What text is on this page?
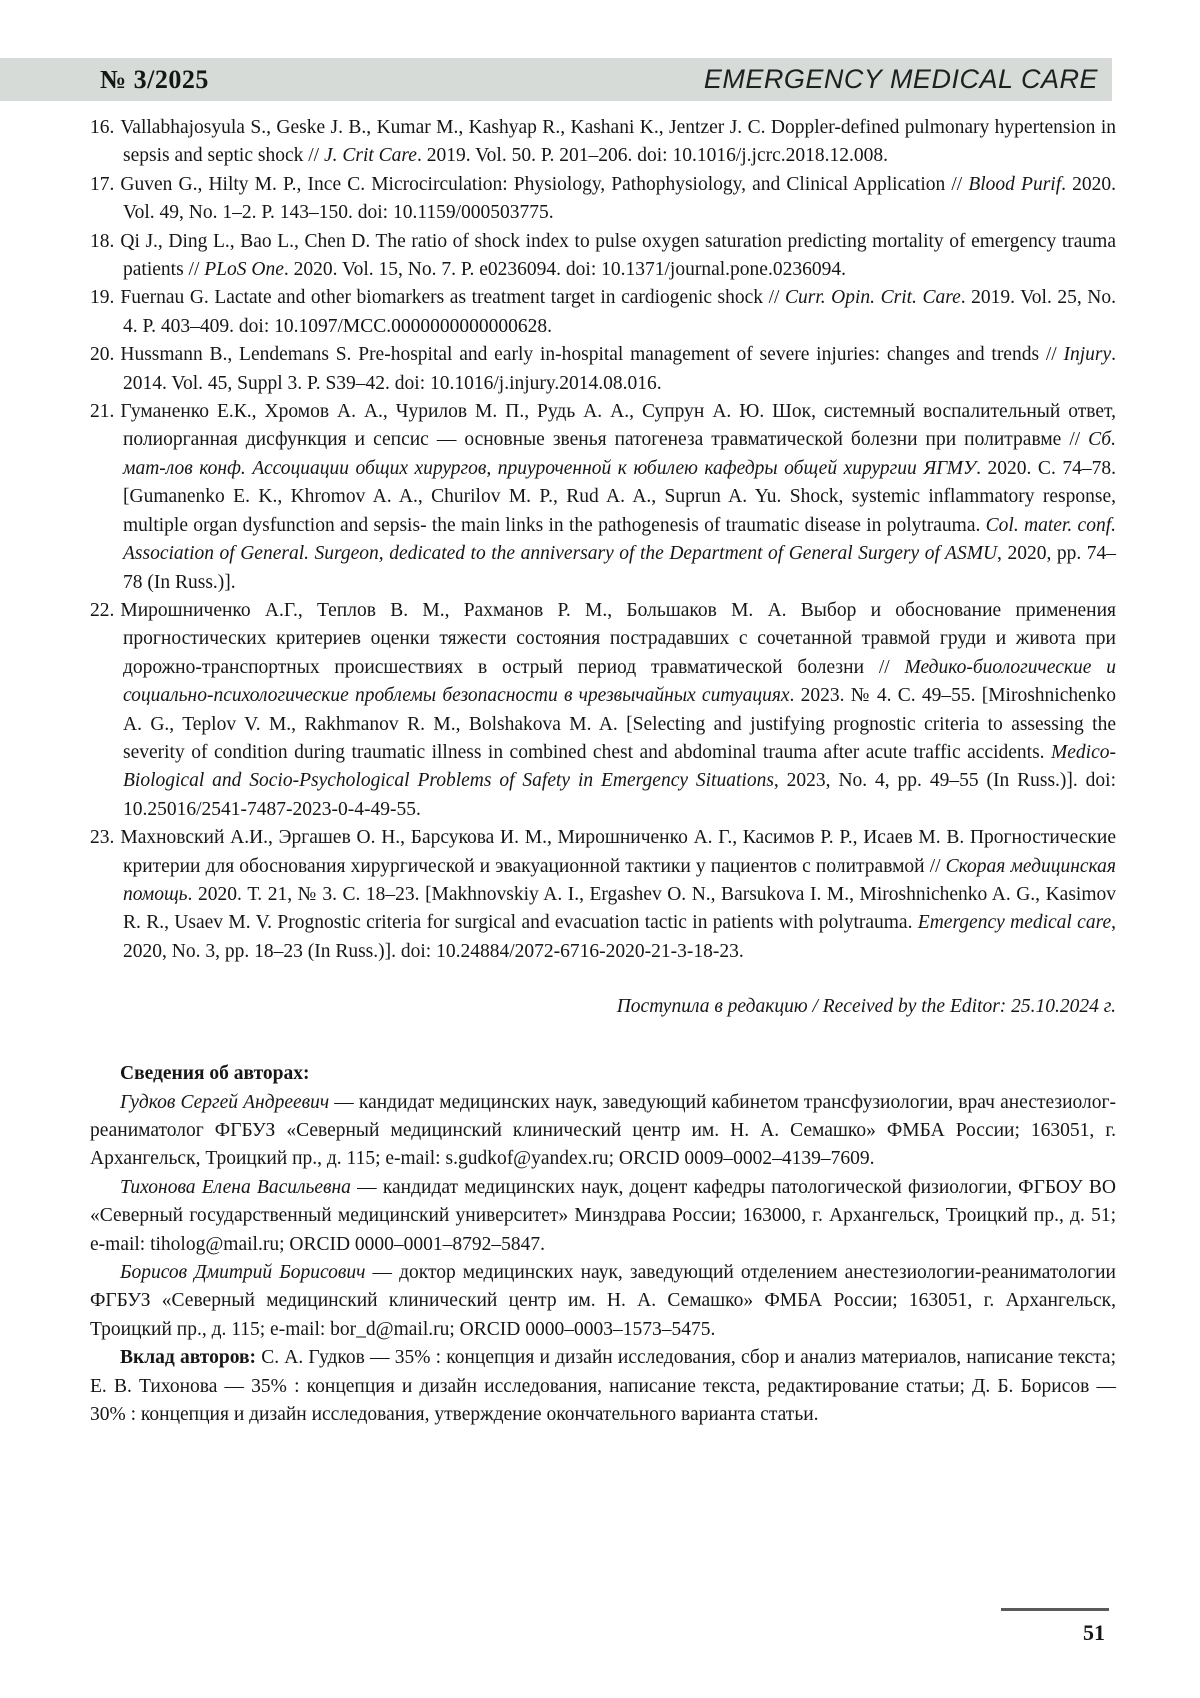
№ 3/2025	EMERGENCY MEDICAL CARE
16. Vallabhajosyula S., Geske J. B., Kumar M., Kashyap R., Kashani K., Jentzer J. C. Doppler-defined pulmonary hypertension in sepsis and septic shock // J. Crit Care. 2019. Vol. 50. P. 201–206. doi: 10.1016/j.jcrc.2018.12.008.
17. Guven G., Hilty M. P., Ince C. Microcirculation: Physiology, Pathophysiology, and Clinical Application // Blood Purif. 2020. Vol. 49, No. 1–2. P. 143–150. doi: 10.1159/000503775.
18. Qi J., Ding L., Bao L., Chen D. The ratio of shock index to pulse oxygen saturation predicting mortality of emergency trauma patients // PLoS One. 2020. Vol. 15, No. 7. P. e0236094. doi: 10.1371/journal.pone.0236094.
19. Fuernau G. Lactate and other biomarkers as treatment target in cardiogenic shock // Curr. Opin. Crit. Care. 2019. Vol. 25, No. 4. P. 403–409. doi: 10.1097/MCC.0000000000000628.
20. Hussmann B., Lendemans S. Pre-hospital and early in-hospital management of severe injuries: changes and trends // Injury. 2014. Vol. 45, Suppl 3. P. S39–42. doi: 10.1016/j.injury.2014.08.016.
21. Гуманенко Е.К., Хромов А. А., Чурилов М. П., Рудь А. А., Супрун А. Ю. Шок, системный воспалительный ответ, полиорганная дисфункция и сепсис — основные звенья патогенеза травматической болезни при политравме // Сб. мат-лов конф. Ассоциации общих хирургов, приуроченной к юбилею кафедры общей хирургии ЯГМУ. 2020. С. 74–78. [Gumanenko E. K., Khromov A. A., Churilov M. P., Rud A. A., Suprun A. Yu. Shock, systemic inflammatory response, multiple organ dysfunction and sepsis- the main links in the pathogenesis of traumatic disease in polytrauma. Col. mater. conf. Association of General. Surgeon, dedicated to the anniversary of the Department of General Surgery of ASMU, 2020, pp. 74–78 (In Russ.)].
22. Мирошниченко А.Г., Теплов В. М., Рахманов Р. М., Большаков М. А. Выбор и обоснование применения прогностических критериев оценки тяжести состояния пострадавших с сочетанной травмой груди и живота при дорожно-транспортных происшествиях в острый период травматической болезни // Медико-биологические и социально-психологические проблемы безопасности в чрезвычайных ситуациях. 2023. № 4. С. 49–55. [Miroshnichenko A. G., Teplov V. M., Rakhmanov R. M., Bolshakova M. A. [Selecting and justifying prognostic criteria to assessing the severity of condition during traumatic illness in combined chest and abdominal trauma after acute traffic accidents. Medico-Biological and Socio-Psychological Problems of Safety in Emergency Situations, 2023, No. 4, pp. 49–55 (In Russ.)]. doi: 10.25016/2541-7487-2023-0-4-49-55.
23. Махновский А.И., Эргашев О. Н., Барсукова И. М., Мирошниченко А. Г., Касимов Р. Р., Исаев М. В. Прогностические критерии для обоснования хирургической и эвакуационной тактики у пациентов с политравмой // Скорая медицинская помощь. 2020. Т. 21, № 3. С. 18–23. [Makhnovskiy A. I., Ergashev O. N., Barsukova I. M., Miroshnichenko A. G., Kasimov R. R., Usaev M. V. Prognostic criteria for surgical and evacuation tactic in patients with polytrauma. Emergency medical care, 2020, No. 3, pp. 18–23 (In Russ.)]. doi: 10.24884/2072-6716-2020-21-3-18-23.
Поступила в редакцию / Received by the Editor: 25.10.2024 г.
Сведения об авторах:

Гудков Сергей Андреевич — кандидат медицинских наук, заведующий кабинетом трансфузиологии, врач анестезиолог-реаниматолог ФГБУЗ «Северный медицинский клинический центр им. Н. А. Семашко» ФМБА России; 163051, г. Архангельск, Троицкий пр., д. 115; e-mail: s.gudkof@yandex.ru; ORCID 0009–0002–4139–7609.

Тихонова Елена Васильевна — кандидат медицинских наук, доцент кафедры патологической физиологии, ФГБОУ ВО «Северный государственный медицинский университет» Минздрава России; 163000, г. Архангельск, Троицкий пр., д. 51; e-mail: tiholog@mail.ru; ORCID 0000–0001–8792–5847.

Борисов Дмитрий Борисович — доктор медицинских наук, заведующий отделением анестезиологии-реаниматологии ФГБУЗ «Северный медицинский клинический центр им. Н. А. Семашко» ФМБА России; 163051, г. Архангельск, Троицкий пр., д. 115; e-mail: bor_d@mail.ru; ORCID 0000–0003–1573–5475.

Вклад авторов: С. А. Гудков — 35% : концепция и дизайн исследования, сбор и анализ материалов, написание текста; Е. В. Тихонова — 35% : концепция и дизайн исследования, написание текста, редактирование статьи; Д. Б. Борисов — 30% : концепция и дизайн исследования, утверждение окончательного варианта статьи.

51
